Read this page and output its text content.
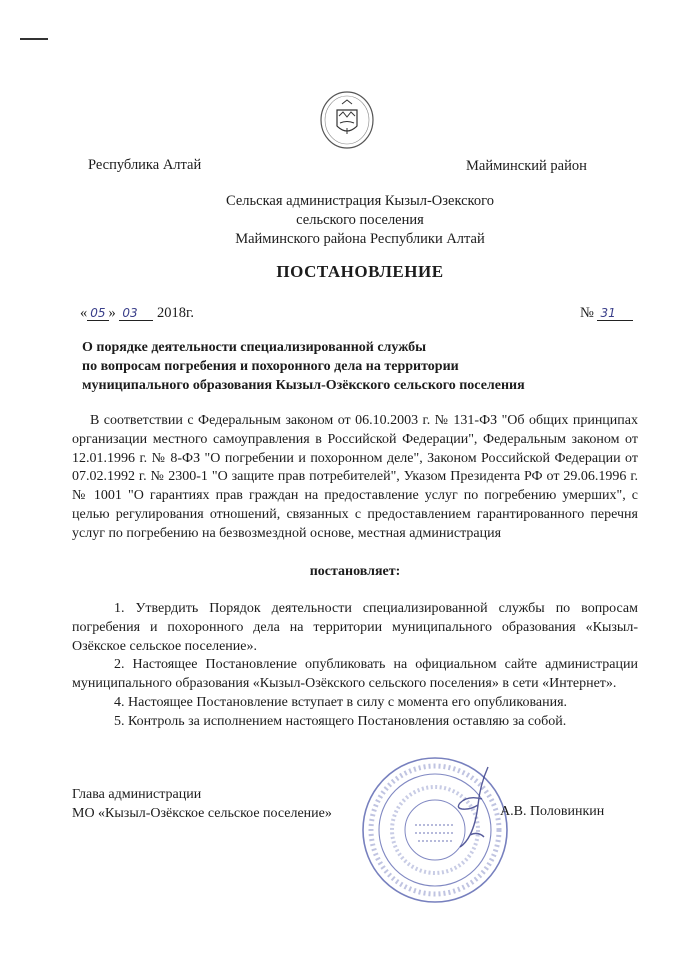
Республика Алтай	Майминский район
Сельская администрация Кызыл-Озекского
сельского поселения
Майминского района Республики Алтай
ПОСТАНОВЛЕНИЕ
« 05 » 03 2018г.	№ 31
О порядке деятельности специализированной службы
по вопросам погребения и похоронного дела на территории
муниципального образования Кызыл-Озёкского сельского поселения
В соответствии с Федеральным законом от 06.10.2003 г. № 131-ФЗ "Об общих принципах организации местного самоуправления в Российской Федерации", Федеральным законом от 12.01.1996 г. № 8-ФЗ "О погребении и похоронном деле", Законом Российской Федерации от 07.02.1992 г. № 2300-1 "О защите прав потребителей", Указом Президента РФ от 29.06.1996 г. № 1001 "О гарантиях прав граждан на предоставление услуг по погребению умерших", с целью регулирования отношений, связанных с предоставлением гарантированного перечня услуг по погребению на безвозмездной основе, местная администрация
постановляет:

1. Утвердить Порядок деятельности специализированной службы по вопросам погребения и похоронного дела на территории муниципального образования «Кызыл-Озёкское сельское поселение».

2. Настоящее Постановление опубликовать на официальном сайте администрации муниципального образования «Кызыл-Озёкского сельского поселения» в сети «Интернет».

4. Настоящее Постановление вступает в силу с момента его опубликования.

5. Контроль за исполнением настоящего Постановления оставляю за собой.

Глава администрации
МО «Кызыл-Озёкское сельское поселение»	А.В. Половинкин
